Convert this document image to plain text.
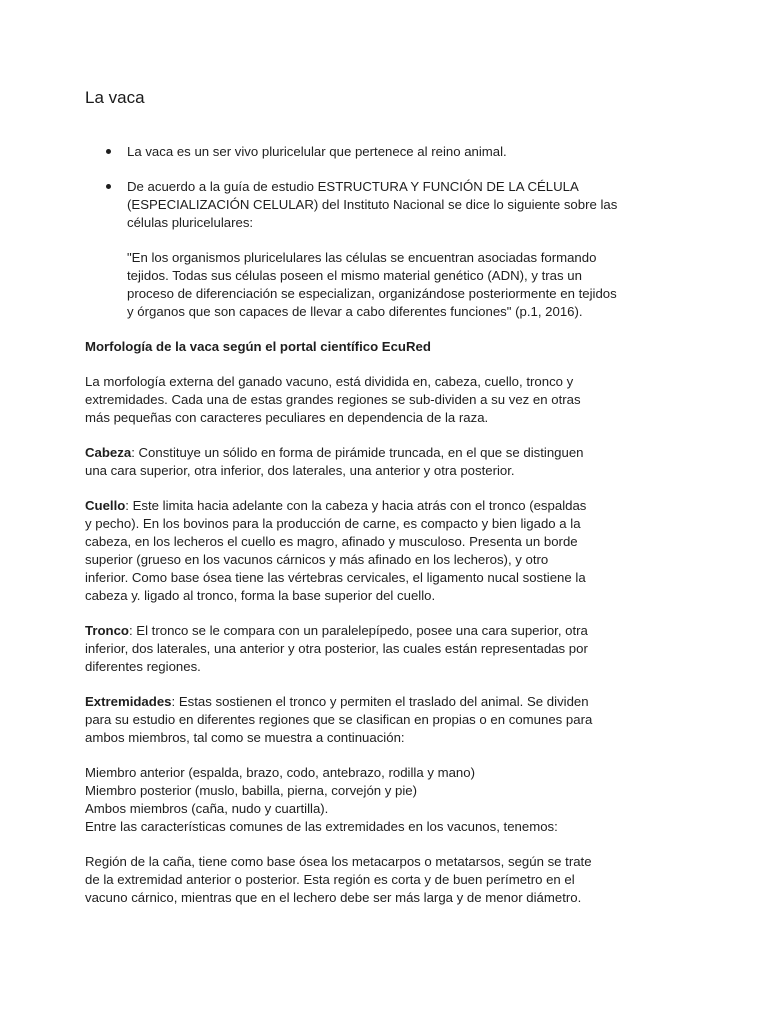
La vaca

La vaca es un ser vivo pluricelular que pertenece al reino animal.

De acuerdo a la guía de estudio ESTRUCTURA Y FUNCIÓN DE LA CÉLULA (ESPECIALIZACIÓN CELULAR) del Instituto Nacional se dice lo siguiente sobre las células pluricelulares:

"En los organismos pluricelulares las células se encuentran asociadas formando tejidos. Todas sus células poseen el mismo material genético (ADN), y tras un proceso de diferenciación se especializan, organizándose posteriormente en tejidos y órganos que son capaces de llevar a cabo diferentes funciones" (p.1, 2016).

Morfología de la vaca según el portal científico EcuRed

La morfología externa del ganado vacuno, está dividida en, cabeza, cuello, tronco y extremidades. Cada una de estas grandes regiones se sub-dividen a su vez en otras más pequeñas con caracteres peculiares en dependencia de la raza.

Cabeza: Constituye un sólido en forma de pirámide truncada, en el que se distinguen una cara superior, otra inferior, dos laterales, una anterior y otra posterior.

Cuello: Este limita hacia adelante con la cabeza y hacia atrás con el tronco (espaldas y pecho). En los bovinos para la producción de carne, es compacto y bien ligado a la cabeza, en los lecheros el cuello es magro, afinado y musculoso. Presenta un borde superior (grueso en los vacunos cárnicos y más afinado en los lecheros), y otro inferior. Como base ósea tiene las vértebras cervicales, el ligamento nucal sostiene la cabeza y. ligado al tronco, forma la base superior del cuello.

Tronco: El tronco se le compara con un paralelepípedo, posee una cara superior, otra inferior, dos laterales, una anterior y otra posterior, las cuales están representadas por diferentes regiones.

Extremidades: Estas sostienen el tronco y permiten el traslado del animal. Se dividen para su estudio en diferentes regiones que se clasifican en propias o en comunes para ambos miembros, tal como se muestra a continuación:

Miembro anterior (espalda, brazo, codo, antebrazo, rodilla y mano)

Miembro posterior (muslo, babilla, pierna, corvejón y pie)

Ambos miembros (caña, nudo y cuartilla).

Entre las características comunes de las extremidades en los vacunos, tenemos:

Región de la caña, tiene como base ósea los metacarpos o metatarsos, según se trate de la extremidad anterior o posterior. Esta región es corta y de buen perímetro en el vacuno cárnico, mientras que en el lechero debe ser más larga y de menor diámetro.
